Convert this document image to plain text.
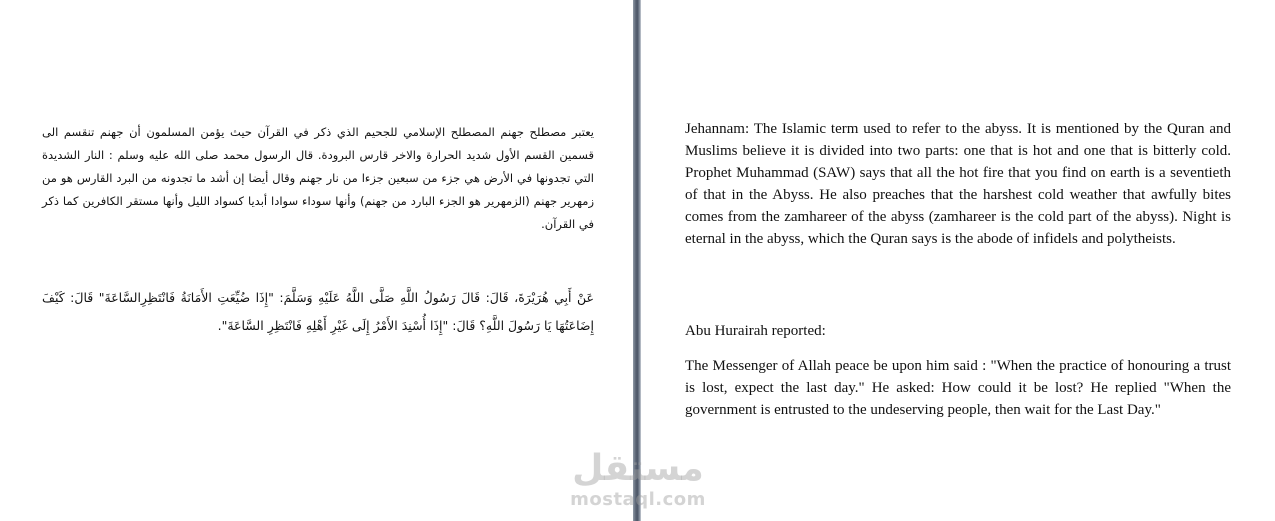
يعتبر مصطلح جهنم المصطلح الإسلامي للجحيم الذي ذكر في القرآن حيث يؤمن المسلمون أن جهنم تنقسم الى قسمين القسم الأول شديد الحرارة والاخر قارس البرودة. قال الرسول محمد صلى الله عليه وسلم : النار الشديدة التي تجدونها في الأرض هي جزء من سبعين جزءا من نار جهنم وقال أيضا إن أشد ما تجدونه من البرد القارس هو من زمهرير جهنم (الزمهرير هو الجزء البارد من جهنم) وأنها سوداء سوادا أبديا كسواد الليل وأنها مستقر الكافرين كما ذكر في القرآن.

عَنْ أَبِي هُرَيْرَةَ، قَالَ: قَالَ رَسُولُ اللَّهِ صَلَّى اللَّهُ عَلَيْهِ وَسَلَّمَ: "إِذَا ضُيِّعَتِ الأَمَانَةُ فَانْتَظِرِالسَّاعَةَ" قَالَ: كَيْفَ إِضَاعَتُهَا يَا رَسُولَ اللَّهِ؟ قَالَ: "إِذَا أُسْنِدَ الأَمْرُ إِلَى غَيْرِ أَهْلِهِ فَانْتَظِرِ السَّاعَةَ".

Jehannam: The Islamic term used to refer to the abyss. It is mentioned by the Quran and Muslims believe it is divided into two parts: one that is hot and one that is bitterly cold. Prophet Muhammad (SAW) says that all the hot fire that you find on earth is a seventieth of that in the Abyss. He also preaches that the harshest cold weather that awfully bites comes from the zamhareer of the abyss (zamhareer is the cold part of the abyss). Night is eternal in the abyss, which the Quran says is the abode of infidels and polytheists.

Abu Hurairah reported:

The Messenger of Allah peace be upon him said : "When the practice of honouring a trust is lost, expect the last day." He asked: How could it be lost? He replied "When the government is entrusted to the undeserving people, then wait for the Last Day."

مستقل
mostaql.com
